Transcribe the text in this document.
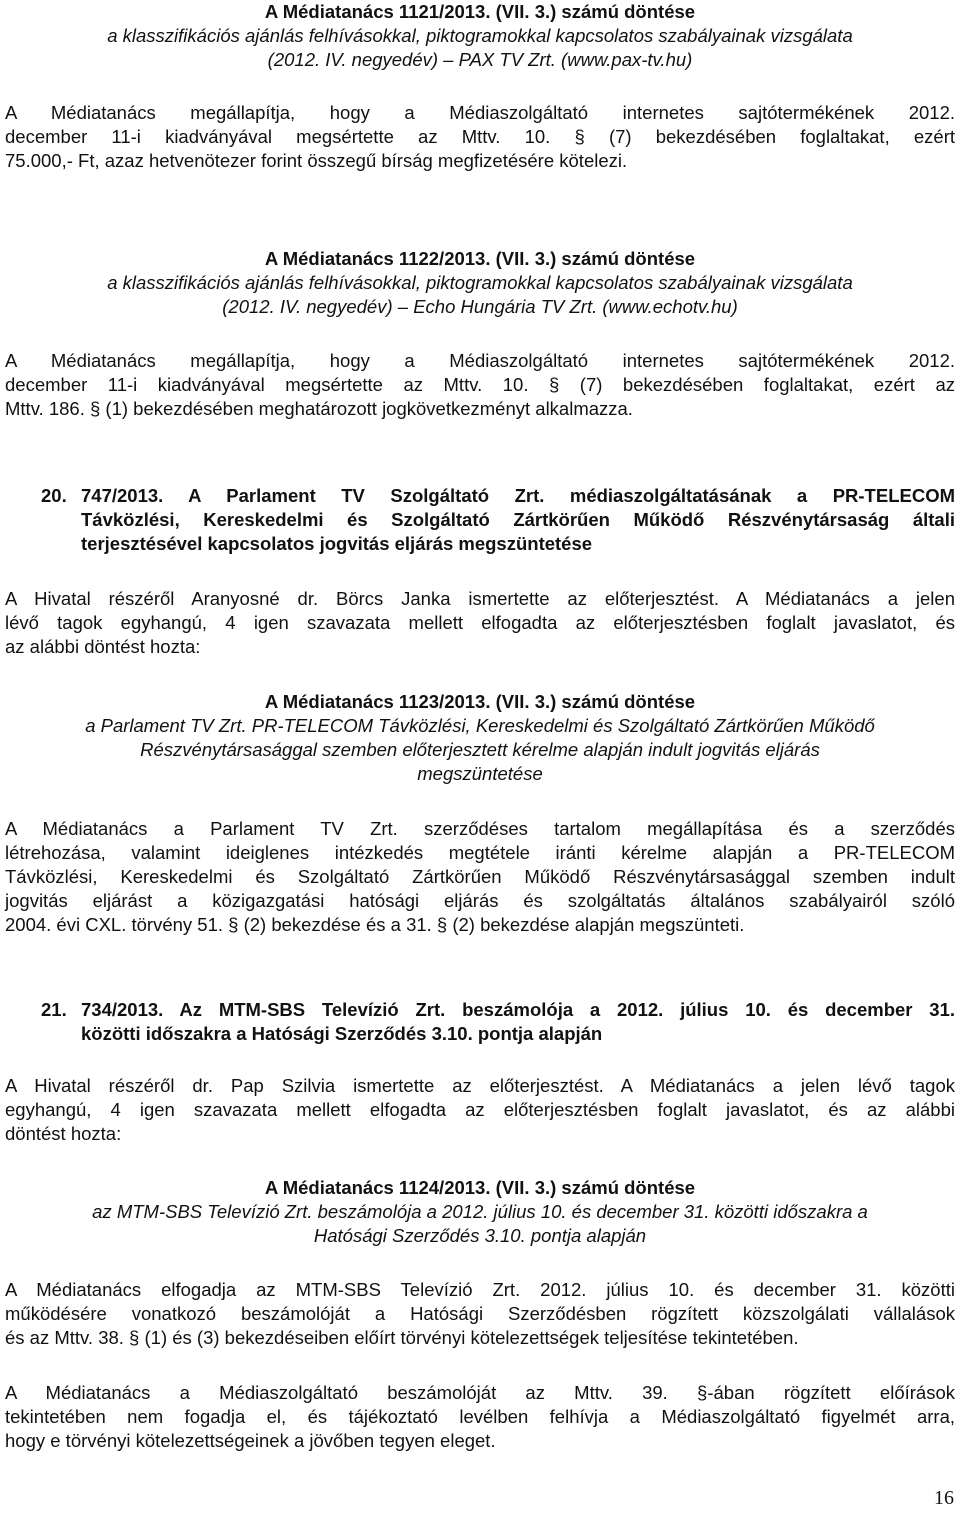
A Médiatanács 1121/2013. (VII. 3.) számú döntése
a klasszifikációs ajánlás felhívásokkal, piktogramokkal kapcsolatos szabályainak vizsgálata
(2012. IV. negyedév) – PAX TV Zrt. (www.pax-tv.hu)
A Médiatanács megállapítja, hogy a Médiaszolgáltató internetes sajtótermékének 2012.
december 11-i kiadványával megsértette az Mttv. 10. § (7) bekezdésében foglaltakat, ezért
75.000,- Ft, azaz hetvenötezer forint összegű bírság megfizetésére kötelezi.
A Médiatanács 1122/2013. (VII. 3.) számú döntése
a klasszifikációs ajánlás felhívásokkal, piktogramokkal kapcsolatos szabályainak vizsgálata
(2012. IV. negyedév) – Echo Hungária TV Zrt. (www.echotv.hu)
A Médiatanács megállapítja, hogy a Médiaszolgáltató internetes sajtótermékének 2012.
december 11-i kiadványával megsértette az Mttv. 10. § (7) bekezdésében foglaltakat, ezért az
Mttv. 186. § (1) bekezdésében meghatározott jogkövetkezményt alkalmazza.
20. 747/2013. A Parlament TV Szolgáltató Zrt. médiaszolgáltatásának a PR-TELECOM
Távközlési, Kereskedelmi és Szolgáltató Zártkörűen Működő Részvénytársaság általi
terjesztésével kapcsolatos jogvitás eljárás megszüntetése
A Hivatal részéről Aranyosné dr. Börcs Janka ismertette az előterjesztést. A Médiatanács a jelen
lévő tagok egyhangú, 4 igen szavazata mellett elfogadta az előterjesztésben foglalt javaslatot, és
az alábbi döntést hozta:
A Médiatanács 1123/2013. (VII. 3.) számú döntése
a Parlament TV Zrt. PR-TELECOM Távközlési, Kereskedelmi és Szolgáltató Zártkörűen Működő
Részvénytársasággal szemben előterjesztett kérelme alapján indult jogvitás eljárás
megszüntetése
A Médiatanács a Parlament TV Zrt. szerződéses tartalom megállapítása és a szerződés
létrehozása, valamint ideiglenes intézkedés megtétele iránti kérelme alapján a PR-TELECOM
Távközlési, Kereskedelmi és Szolgáltató Zártkörűen Működő Részvénytársasággal szemben indult
jogvitás eljárást a közigazgatási hatósági eljárás és szolgáltatás általános szabályairól szóló
2004. évi CXL. törvény 51. § (2) bekezdése és a 31. § (2) bekezdése alapján megszünteti.
21. 734/2013. Az MTM-SBS Televízió Zrt. beszámolója a 2012. július 10. és december 31.
közötti időszakra a Hatósági Szerződés 3.10. pontja alapján
A Hivatal részéről dr. Pap Szilvia ismertette az előterjesztést. A Médiatanács a jelen lévő tagok
egyhangú, 4 igen szavazata mellett elfogadta az előterjesztésben foglalt javaslatot, és az alábbi
döntést hozta:
A Médiatanács 1124/2013. (VII. 3.) számú döntése
az MTM-SBS Televízió Zrt. beszámolója a 2012. július 10. és december 31. közötti időszakra a
Hatósági Szerződés 3.10. pontja alapján
A Médiatanács elfogadja az MTM-SBS Televízió Zrt. 2012. július 10. és december 31. közötti
működésére vonatkozó beszámolóját a Hatósági Szerződésben rögzített közszolgálati vállalások
és az Mttv. 38. § (1) és (3) bekezdéseiben előírt törvényi kötelezettségek teljesítése tekintetében.
A Médiatanács a Médiaszolgáltató beszámolóját az Mttv. 39. §-ában rögzített előírások
tekintetében nem fogadja el, és tájékoztató levélben felhívja a Médiaszolgáltató figyelmét arra,
hogy e törvényi kötelezettségeinek a jövőben tegyen eleget.
16
